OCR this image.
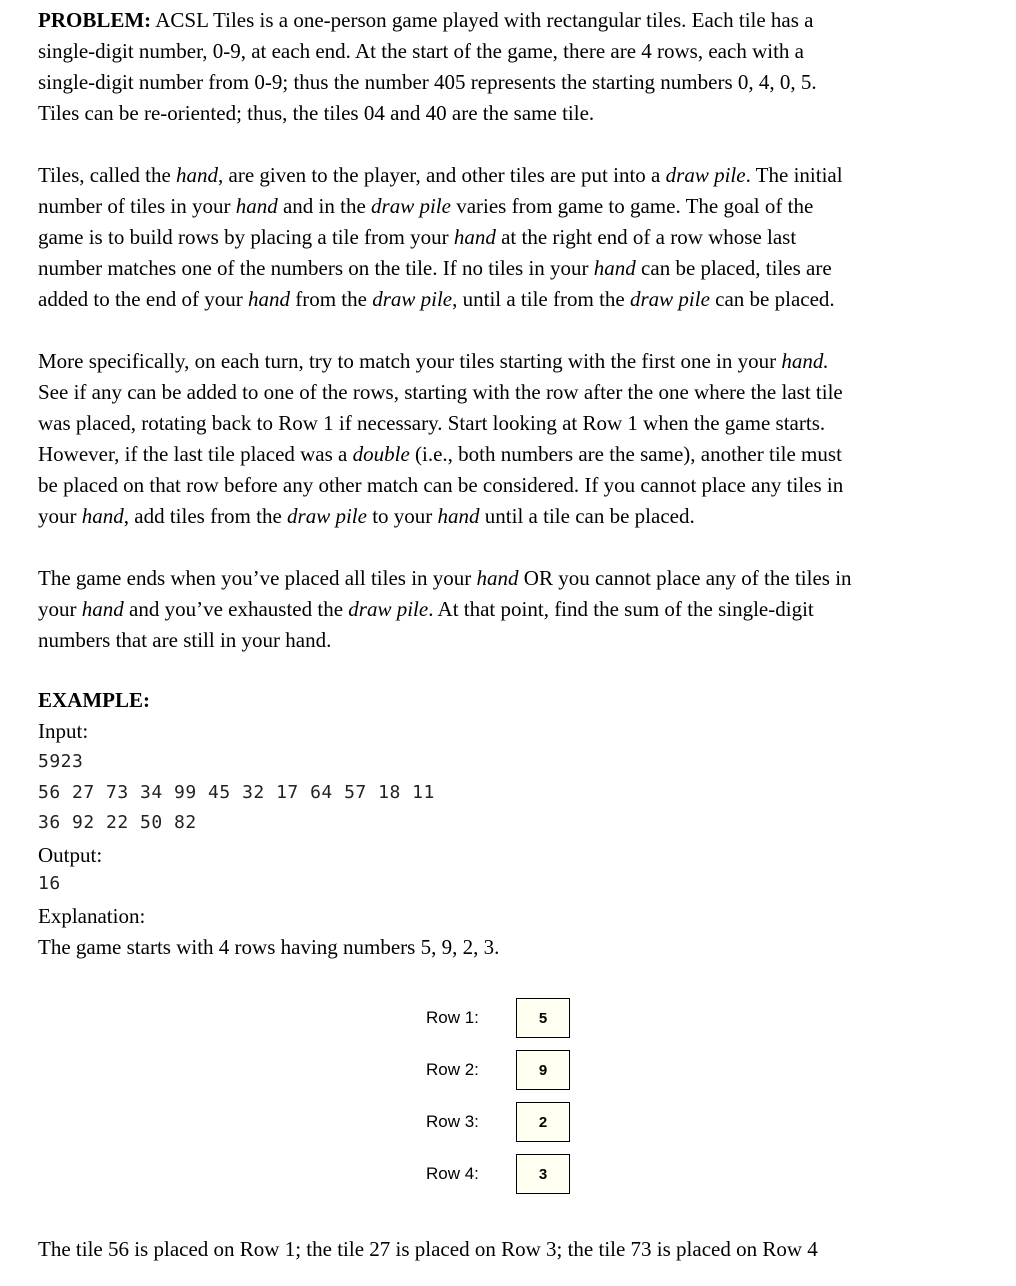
PROBLEM: ACSL Tiles is a one-person game played with rectangular tiles. Each tile has a
single-digit number, 0-9, at each end. At the start of the game, there are 4 rows, each with a
single-digit number from 0-9; thus the number 405 represents the starting numbers 0, 4, 0, 5.
Tiles can be re-oriented; thus, the tiles 04 and 40 are the same tile.
Tiles, called the hand, are given to the player, and other tiles are put into a draw pile. The initial
number of tiles in your hand and in the draw pile varies from game to game. The goal of the
game is to build rows by placing a tile from your hand at the right end of a row whose last
number matches one of the numbers on the tile. If no tiles in your hand can be placed, tiles are
added to the end of your hand from the draw pile, until a tile from the draw pile can be placed.
More specifically, on each turn, try to match your tiles starting with the first one in your hand.
See if any can be added to one of the rows, starting with the row after the one where the last tile
was placed, rotating back to Row 1 if necessary. Start looking at Row 1 when the game starts.
However, if the last tile placed was a double (i.e., both numbers are the same), another tile must
be placed on that row before any other match can be considered. If you cannot place any tiles in
your hand, add tiles from the draw pile to your hand until a tile can be placed.
The game ends when you’ve placed all tiles in your hand OR you cannot place any of the tiles in
your hand and you’ve exhausted the draw pile. At that point, find the sum of the single-digit
numbers that are still in your hand.
EXAMPLE:
Input:
5923
56 27 73 34 99 45 32 17 64 57 18 11
36 92 22 50 82
Output:
16
Explanation:
The game starts with 4 rows having numbers 5, 9, 2, 3.
The tile 56 is placed on Row 1; the tile 27 is placed on Row 3; the tile 73 is placed on Row 4
Row 1:	5
Row 2:	9
Row 3:	2
Row 4:	3
